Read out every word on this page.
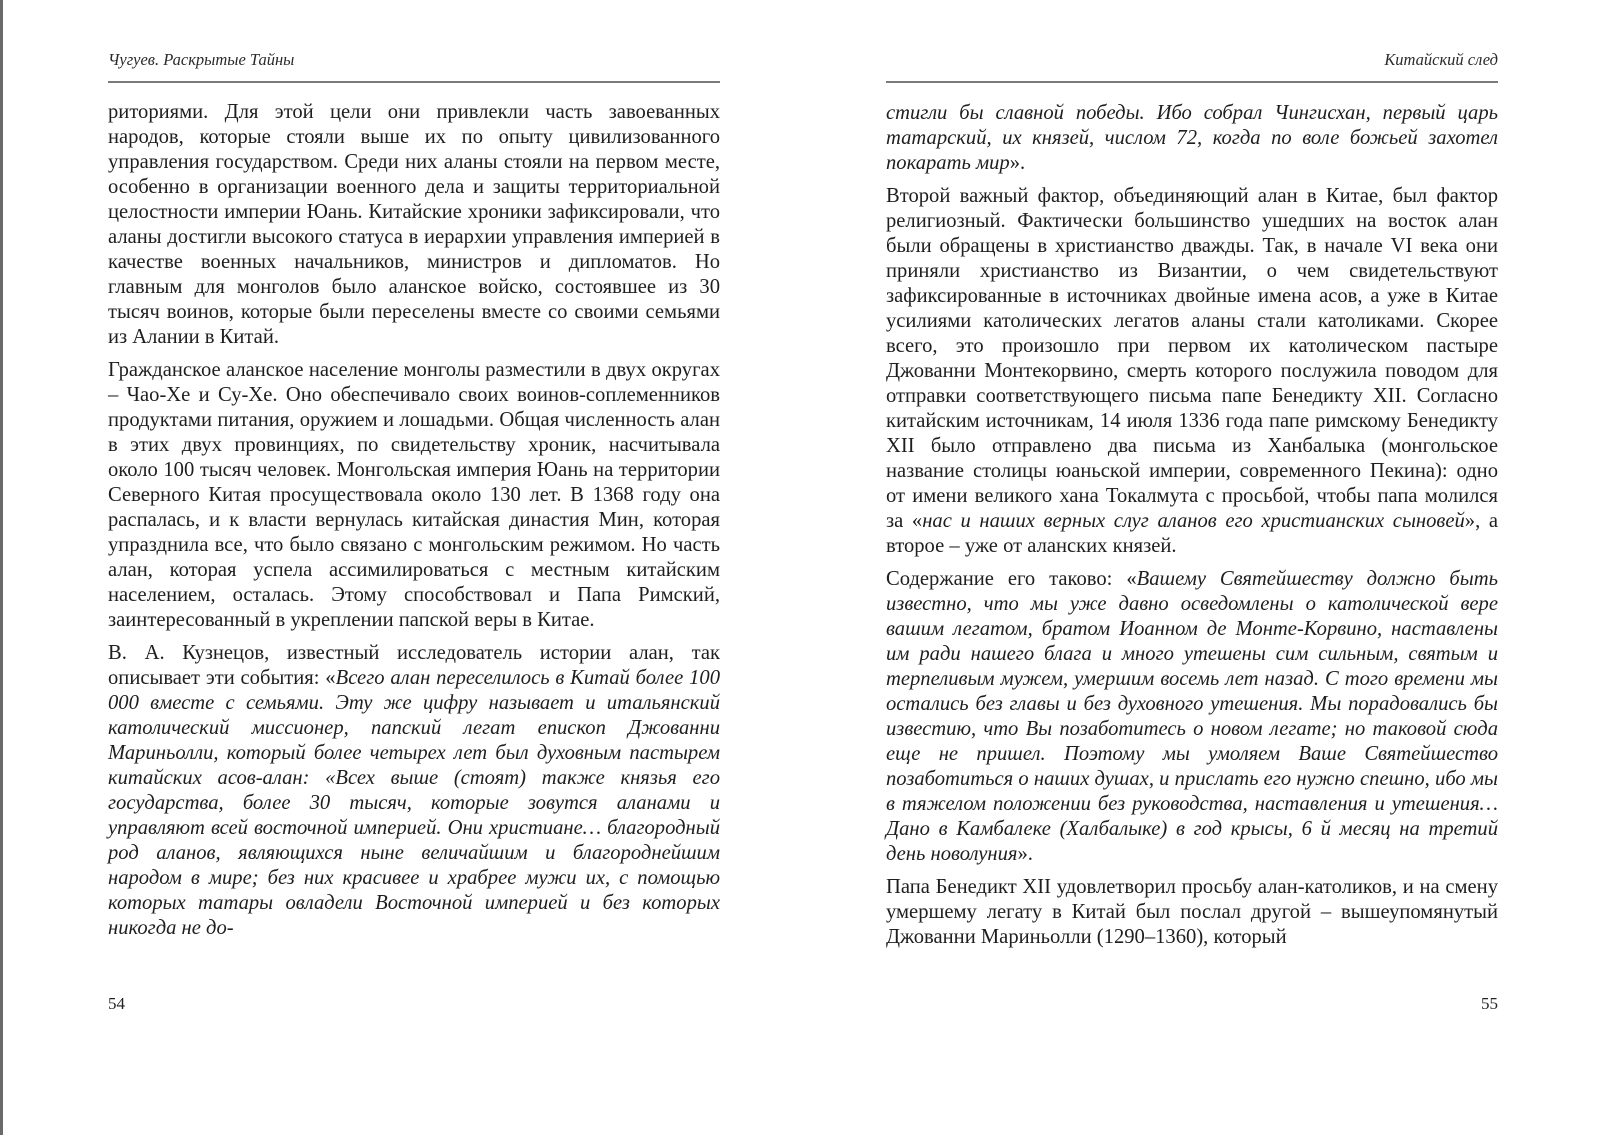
Чугуев. Раскрытые Тайны

риториями. Для этой цели они привлекли часть завоеванных народов, которые стояли выше их по опыту цивилизованного управления государством. Среди них аланы стояли на первом месте, особенно в организации военного дела и защиты территориальной целостности империи Юань. Китайские хроники зафиксировали, что аланы достигли высокого статуса в иерархии управления империей в качестве военных начальников, министров и дипломатов. Но главным для монголов было аланское войско, состоявшее из 30 тысяч воинов, которые были переселены вместе со своими семьями из Алании в Китай.

Гражданское аланское население монголы разместили в двух округах – Чао-Хе и Су-Хе. Оно обеспечивало своих воинов-соплеменников продуктами питания, оружием и лошадьми. Общая численность алан в этих двух провинциях, по свидетельству хроник, насчитывала около 100 тысяч человек. Монгольская империя Юань на территории Северного Китая просуществовала около 130 лет. В 1368 году она распалась, и к власти вернулась китайская династия Мин, которая упразднила все, что было связано с монгольским режимом. Но часть алан, которая успела ассимилироваться с местным китайским населением, осталась. Этому способствовал и Папа Римский, заинтересованный в укреплении папской веры в Китае.

В. А. Кузнецов, известный исследователь истории алан, так описывает эти события: «Всего алан переселилось в Китай более 100 000 вместе с семьями. Эту же цифру называет и итальянский католический миссионер, папский легат епископ Джованни Мариньолли, который более четырех лет был духовным пастырем китайских асов-алан: «Всех выше (стоят) также князья его государства, более 30 тысяч, которые зовутся аланами и управляют всей восточной империей. Они христиане… благородный род аланов, являющихся ныне величайшим и благороднейшим народом в мире; без них красивее и храбрее мужи их, с помощью которых татары овладели Восточной империей и без которых никогда не до-

54
Китайский след

стигли бы славной победы. Ибо собрал Чингисхан, первый царь татарский, их князей, числом 72, когда по воле божьей захотел покарать мир».

Второй важный фактор, объединяющий алан в Китае, был фактор религиозный. Фактически большинство ушедших на восток алан были обращены в христианство дважды. Так, в начале VI века они приняли христианство из Византии, о чем свидетельствуют зафиксированные в источниках двойные имена асов, а уже в Китае усилиями католических легатов аланы стали католиками. Скорее всего, это произошло при первом их католическом пастыре Джованни Монтекорвино, смерть которого послужила поводом для отправки соответствующего письма папе Бенедикту XII. Согласно китайским источникам, 14 июля 1336 года папе римскому Бенедикту XII было отправлено два письма из Ханбалыка (монгольское название столицы юаньской империи, современного Пекина): одно от имени великого хана Токалмута с просьбой, чтобы папа молился за «нас и наших верных слуг аланов его христианских сыновей», а второе – уже от аланских князей.

Содержание его таково: «Вашему Святейшеству должно быть известно, что мы уже давно осведомлены о католической вере вашим легатом, братом Иоанном де Монте-Корвино, наставлены им ради нашего блага и много утешены сим сильным, святым и терпеливым мужем, умершим восемь лет назад. С того времени мы остались без главы и без духовного утешения. Мы порадовались бы известию, что Вы позаботитесь о новом легате; но таковой сюда еще не пришел. Поэтому мы умоляем Ваше Святейшество позаботиться о наших душах, и прислать его нужно спешно, ибо мы в тяжелом положении без руководства, наставления и утешения… Дано в Камбалеке (Халбалыке) в год крысы, 6 й месяц на третий день новолуния».

Папа Бенедикт XII удовлетворил просьбу алан-католиков, и на смену умершему легату в Китай был послал другой – вышеупомянутый Джованни Мариньолли (1290–1360), который

55
